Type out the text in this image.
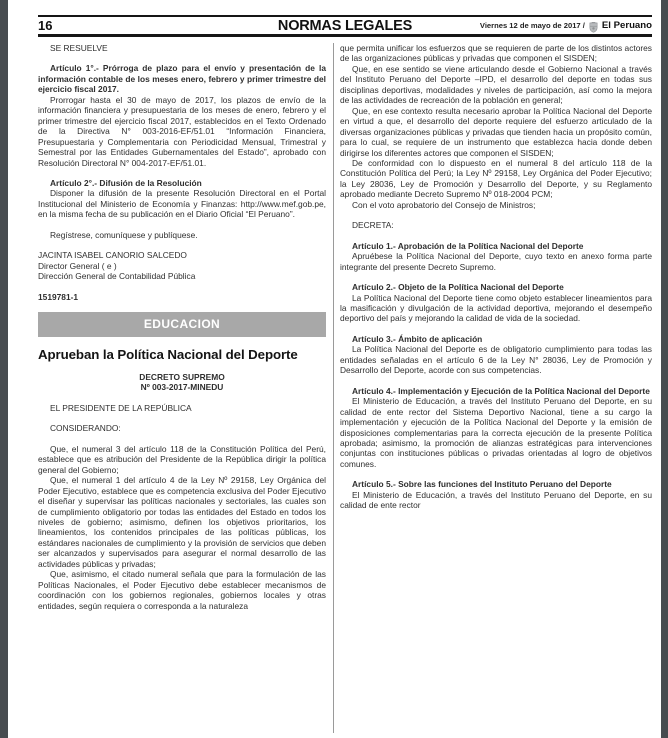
16	NORMAS LEGALES	Viernes 12 de mayo de 2017 / El Peruano
SE RESUELVE
Artículo 1°.- Prórroga de plazo para el envío y presentación de la información contable de los meses enero, febrero y primer trimestre del ejercicio fiscal 2017.
Prorrogar hasta el 30 de mayo de 2017, los plazos de envío de la información financiera y presupuestaria de los meses de enero, febrero y el primer trimestre del ejercicio fiscal 2017, establecidos en el Texto Ordenado de la Directiva N° 003-2016-EF/51.01 “Información Financiera, Presupuestaria y Complementaria con Periodicidad Mensual, Trimestral y Semestral por las Entidades Gubernamentales del Estado”, aprobado con Resolución Directoral N° 004-2017-EF/51.01.
Artículo 2°.- Difusión de la Resolución
Disponer la difusión de la presente Resolución Directoral en el Portal Institucional del Ministerio de Economía y Finanzas: http://www.mef.gob.pe, en la misma fecha de su publicación en el Diario Oficial “El Peruano”.
Regístrese, comuníquese y publíquese.
JACINTA ISABEL CANORIO SALCEDO
Director General ( e )
Dirección General de Contabilidad Pública
1519781-1
EDUCACION
Aprueban la Política Nacional del Deporte
DECRETO SUPREMO
Nº 003-2017-MINEDU
EL PRESIDENTE DE LA REPÚBLICA
CONSIDERANDO:
Que, el numeral 3 del artículo 118 de la Constitución Política del Perú, establece que es atribución del Presidente de la República dirigir la política general del Gobierno;
Que, el numeral 1 del artículo 4 de la Ley Nº 29158, Ley Orgánica del Poder Ejecutivo, establece que es competencia exclusiva del Poder Ejecutivo el diseñar y supervisar las políticas nacionales y sectoriales, las cuales son de cumplimiento obligatorio por todas las entidades del Estado en todos los niveles de gobierno; asimismo, definen los objetivos prioritarios, los lineamientos, los contenidos principales de las políticas públicas, los estándares nacionales de cumplimiento y la provisión de servicios que deben ser alcanzados y supervisados para asegurar el normal desarrollo de las actividades públicas y privadas;
Que, asimismo, el citado numeral señala que para la formulación de las Políticas Nacionales, el Poder Ejecutivo debe establecer mecanismos de coordinación con los gobiernos regionales, gobiernos locales y otras entidades, según requiera o corresponda a la naturaleza
que permita unificar los esfuerzos que se requieren de parte de los distintos actores de las organizaciones públicas y privadas que componen el SISDEN;
Que, en ese sentido se viene articulando desde el Gobierno Nacional a través del Instituto Peruano del Deporte –IPD, el desarrollo del deporte en todas sus disciplinas deportivas, modalidades y niveles de participación, así como la mejora de las actividades de recreación de la población en general;
Que, en ese contexto resulta necesario aprobar la Política Nacional del Deporte en virtud a que, el desarrollo del deporte requiere del esfuerzo articulado de la diversas organizaciones públicas y privadas que tienden hacia un propósito común, para lo cual, se requiere de un instrumento que establezca hacia donde deben dirigirse los diferentes actores que componen el SISDEN;
De conformidad con lo dispuesto en el numeral 8 del artículo 118 de la Constitución Política del Perú; la Ley Nº 29158, Ley Orgánica del Poder Ejecutivo; la Ley 28036, Ley de Promoción y Desarrollo del Deporte, y su Reglamento aprobado mediante Decreto Supremo Nº 018-2004 PCM;
Con el voto aprobatorio del Consejo de Ministros;
DECRETA:
Artículo 1.- Aprobación de la Política Nacional del Deporte
Apruébese la Política Nacional del Deporte, cuyo texto en anexo forma parte integrante del presente Decreto Supremo.
Artículo 2.- Objeto de la Política Nacional del Deporte
La Política Nacional del Deporte tiene como objeto establecer lineamientos para la masificación y divulgación de la actividad deportiva, mejorando el desempeño deportivo del país y mejorando la calidad de vida de la sociedad.
Artículo 3.- Ámbito de aplicación
La Política Nacional del Deporte es de obligatorio cumplimiento para todas las entidades señaladas en el artículo 6 de la Ley N° 28036, Ley de Promoción y Desarrollo del Deporte, acorde con sus competencias.
Artículo 4.- Implementación y Ejecución de la Política Nacional del Deporte
El Ministerio de Educación, a través del Instituto Peruano del Deporte, en su calidad de ente rector del Sistema Deportivo Nacional, tiene a su cargo la implementación y ejecución de la Política Nacional del Deporte y la emisión de disposiciones complementarias para la correcta ejecución de la presente Política aprobada; asimismo, la promoción de alianzas estratégicas para intervenciones conjuntas con instituciones públicas o privadas orientadas al logro de objetivos comunes.
Artículo 5.- Sobre las funciones del Instituto Peruano del Deporte
El Ministerio de Educación, a través del Instituto Peruano del Deporte, en su calidad de ente rector
